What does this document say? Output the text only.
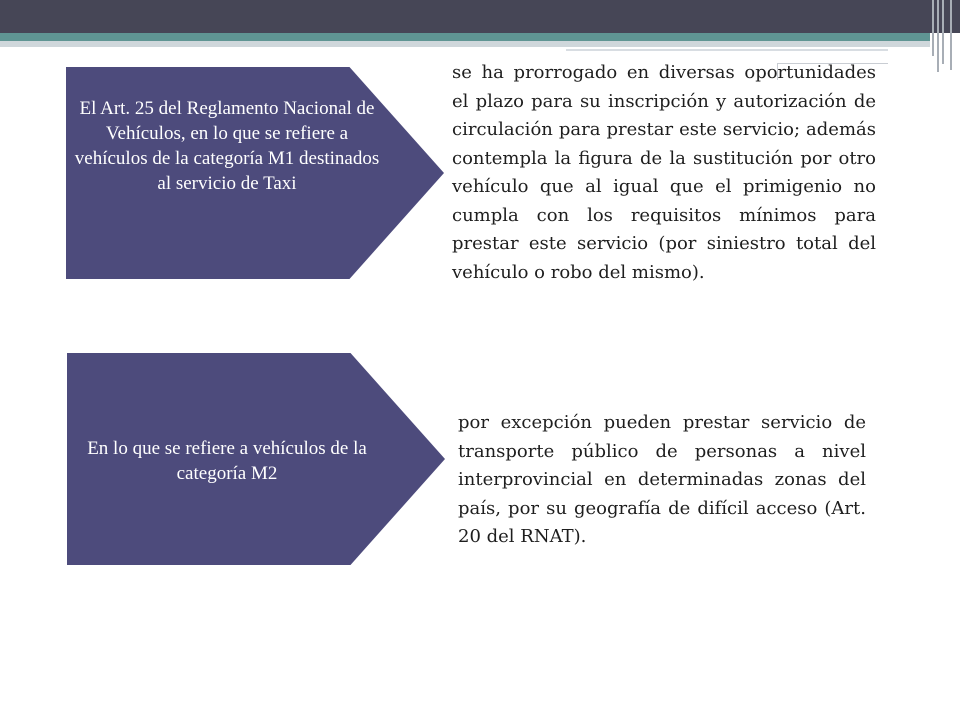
El Art. 25 del Reglamento Nacional de Vehículos, en lo que se refiere a vehículos de la categoría M1 destinados al servicio de Taxi
se ha prorrogado en diversas oportunidades el plazo para su inscripción y autorización de circulación para prestar este servicio; además contempla la figura de la sustitución por otro vehículo que al igual que el primigenio no cumpla con los requisitos mínimos para prestar este servicio (por siniestro total del vehículo o robo del mismo).
En lo que se refiere a vehículos de la categoría M2
por excepción pueden prestar servicio de transporte público de personas a nivel interprovincial en determinadas zonas del país, por su geografía de difícil acceso (Art. 20 del RNAT).
